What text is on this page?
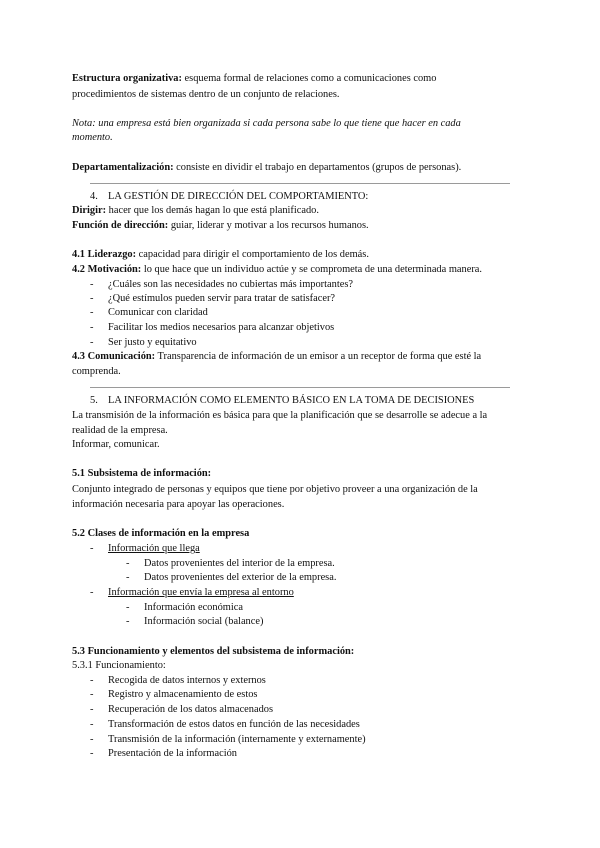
Estructura organizativa: esquema formal de relaciones como a comunicaciones como
procedimientos de sistemas dentro de un conjunto de relaciones.
Nota: una empresa está bien organizada si cada persona sabe lo que tiene que hacer en cada
momento.
Departamentalización: consiste en dividir el trabajo en departamentos (grupos de personas).
4. LA GESTIÓN DE DIRECCIÓN DEL COMPORTAMIENTO:
Dirigir: hacer que los demás hagan lo que está planificado.
Función de dirección: guiar, liderar y motivar a los recursos humanos.
4.1 Liderazgo: capacidad para dirigir el comportamiento de los demás.
4.2 Motivación: lo que hace que un individuo actúe y se comprometa de una determinada manera.
- ¿Cuáles son las necesidades no cubiertas más importantes?
- ¿Qué estímulos pueden servir para tratar de satisfacer?
- Comunicar con claridad
- Facilitar los medios necesarios para alcanzar objetivos
- Ser justo y equitativo
4.3 Comunicación: Transparencia de información de un emisor a un receptor de forma que esté la
comprenda.
5. LA INFORMACIÓN COMO ELEMENTO BÁSICO EN LA TOMA DE DECISIONES
La transmisión de la información es básica para que la planificación que se desarrolle se adecue a la
realidad de la empresa.
Informar, comunicar.
5.1 Subsistema de información:
Conjunto integrado de personas y equipos que tiene por objetivo proveer a una organización de la
información necesaria para apoyar las operaciones.
5.2 Clases de información en la empresa
- Información que llega
- Datos provenientes del interior de la empresa.
- Datos provenientes del exterior de la empresa.
- Información que envía la empresa al entorno
- Información económica
- Información social (balance)
5.3 Funcionamiento y elementos del subsistema de información:
5.3.1 Funcionamiento:
- Recogida de datos internos y externos
- Registro y almacenamiento de estos
- Recuperación de los datos almacenados
- Transformación de estos datos en función de las necesidades
- Transmisión de la información (internamente y externamente)
- Presentación de la información
